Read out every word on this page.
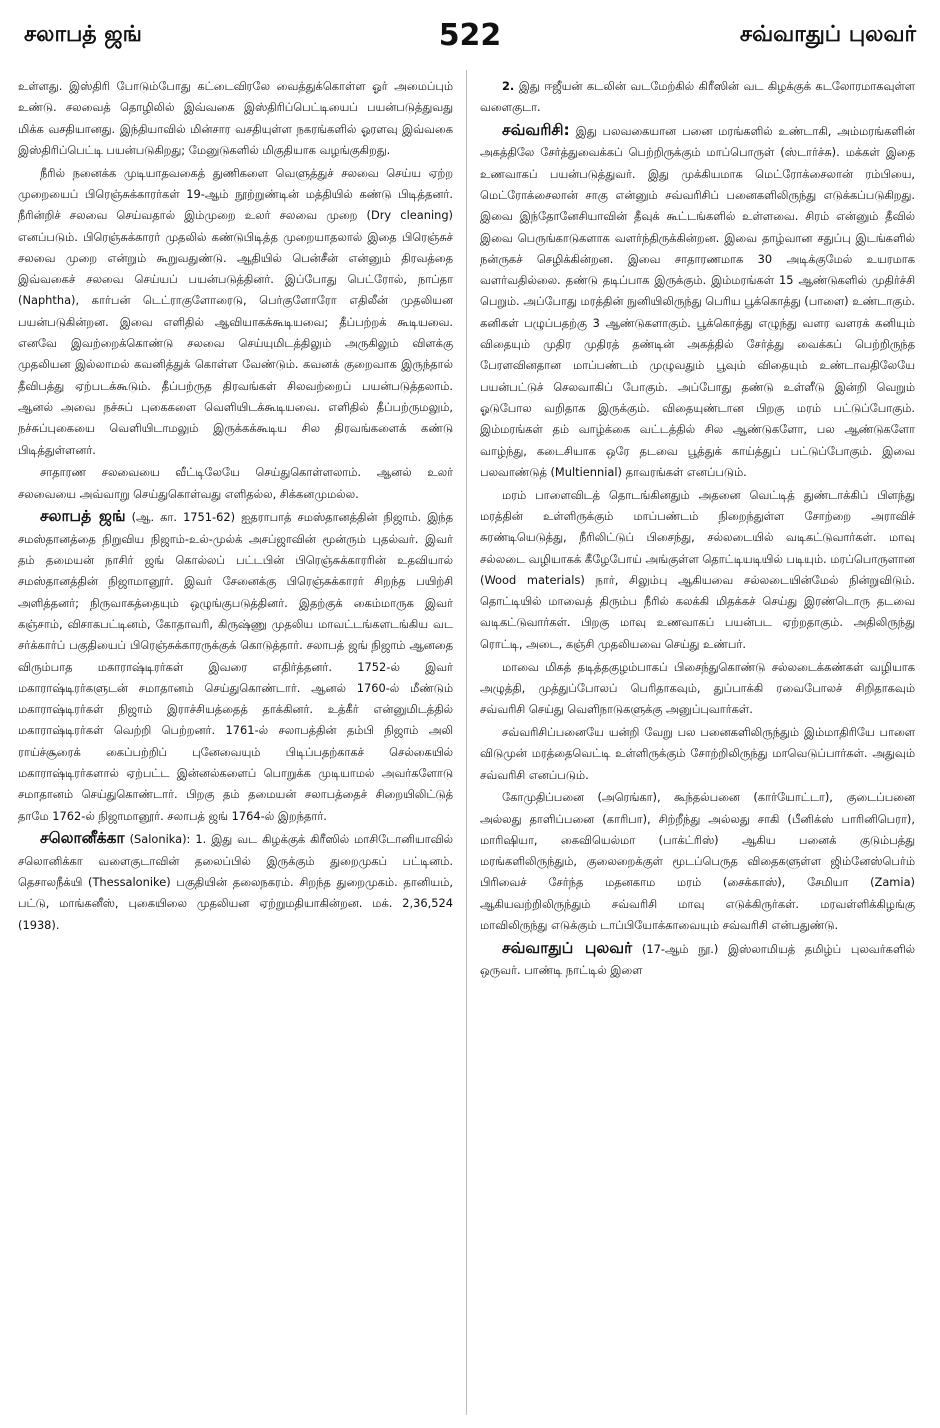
சலாபத் ஜங்	522	சவ்வாதுப் புலவர்

உள்ளது. இஸ்திரி போடும்போது கட்டைவிரலே வைத்துக்கொள்ள ஓர் அமைப்பும் உண்டு. சலவைத் தொழிலில் இவ்வகை இஸ்திரிப்பெட்டியைப் பயன்படுத்துவது மிக்க வசதியானது. இந்தியாவில் மின்சார வசதியுள்ள நகரங்களில் ஓரளவு இவ்வகை இஸ்திரிப்பெட்டி பயன்படுகிறது; மேனுடுகளில் மிகுதியாக வழங்குகிறது.

நீரில் நனைக்க முடியாதவகைத் துணிகளை வெளுத்துச் சலவை செய்ய ஏற்ற முறையைப் பிரெஞ்சுக்காரர்கள் 19-ஆம் நூற்றுண்டின் மத்தியில் கண்டு பிடித்தனர். நீரின்றிச் சலவை செய்வதால் இம்முறை உலர் சலவை முறை (Dry cleaning) எனப்படும். பிரெஞ்சுக்காரர் முதலில் கண்டுபிடித்த முறையாதலால் இதை பிரெஞ்சுச் சலவை முறை என்றும் கூறுவதுண்டு. ஆதியில் பென்சீன் என்னும் திரவத்தை இவ்வகைச் சலவை செய்யப் பயன்படுத்தினர். இப்போது பெட்ரோல், நாப்தா (Naphtha), கார்பன் டெட்ராகுளோரைடு, பெர்குளோரோ எதிலீன் முதலியன பயன்படுகின்றன. இவை எளிதில் ஆவியாகக்கூடியவை; தீப்பற்றக் கூடியவை. எனவே இவற்றைக்கொண்டு சலவை செய்யுமிடத்திலும் அருகிலும் விளக்கு முதலியன இல்லாமல் கவனித்துக் கொள்ள வேண்டும். கவனக் குறைவாக இருந்தால் தீவிபத்து ஏற்படக்கூடும். தீப்பற்ருத திரவங்கள் சிலவற்றைப் பயன்படுத்தலாம். ஆனல் அவை நச்சுப் புகைகளை வெளியிடக்கூடியவை. எளிதில் தீப்பற்ருமலும், நச்சுப்புகையை வெளியிடாமலும் இருக்கக்கூடிய சில திரவங்களைக் கண்டு பிடித்துள்ளனர்.

சாதாரண சலவையை வீட்டிலேயே செய்துகொள்ளலாம். ஆனல் உலர் சலவையை அவ்வாறு செய்துகொள்வது எளிதல்ல, சிக்கனமுமல்ல.

சலாபத் ஜங் (ஆ. கா. 1751-62) ஐதராபாத் சமஸ்தானத்தின் நிஜாம். இந்த சமஸ்தானத்தை நிறுவிய நிஜாம்-உல்-முல்க் அசப்ஜாவின் மூன்ரும் புதல்வர். இவர் தம் தமையன் நாசிர் ஜங் கொல்லப் பட்டபின் பிரெஞ்சுக்காரரின் உதவியால் சமஸ்தானத்தின் நிஜாமானூர். இவர் சேனைக்கு பிரெஞ்சுக்காரர் சிறந்த பயிற்சி அளித்தனர்; நிருவாகத்தையும் ஒழுங்குபடுத்தினர். இதற்குக் கைம்மாருக இவர் கஞ்சாம், விசாகபட்டினம், கோதாவரி, கிருஷ்ணு முதலிய மாவட்டங்களடங்கிய வட சர்க்கார்ப் பகுதியைப் பிரெஞ்சுக்காரருக்குக் கொடுத்தார். சலாபத் ஜங் நிஜாம் ஆனதை விரும்பாத மகாராஷ்டிரர்கள் இவரை எதிர்த்தனர். 1752-ல் இவர் மகாராஷ்டிரர்களுடன் சமாதானம் செய்துகொண்டார். ஆனல் 1760-ல் மீண்டும் மகாராஷ்டிரர்கள் நிஜாம் இராச்சியத்தைத் தாக்கினர். உத்கீர் என்னுமிடத்தில் மகாராஷ்டிரர்கள் வெற்றி பெற்றனர். 1761-ல் சலாபத்தின் தம்பி நிஜாம் அலி ராய்ச்சூரைக் கைப்பற்றிப் புனேவையும் பிடிப்பதற்காகச் செல்கையில் மகாராஷ்டிரர்களால் ஏற்பட்ட இன்னல்களைப் பொறுக்க முடியாமல் அவர்களோடு சமாதானம் செய்துகொண்டார். பிறகு தம் தமையன் சலாபத்தைச் சிறையிலிட்டுத் தாமே 1762-ல் நிஜாமானூர். சலாபத் ஜங் 1764-ல் இறந்தார்.

சலொனீக்கா (Salonika): 1. இது வட கிழக்குக் கிரீஸில் மாசிடோனியாவில் சலொனிக்கா வளைகுடாவின் தலைப்பில் இருக்கும் துறைமுகப் பட்டினம். தெசாலநீக்யி (Thessalonike) பகுதியின் தலைநகரம். சிறந்த துறைமுகம். தானியம், பட்டு, மாங்கனீஸ், புகையிலை முதலியன ஏற்றுமதியாகின்றன. மக். 2,36,524 (1938).

2. இது ஈஜீயன் கடலின் வடமேற்கில் கிரீஸின் வட கிழக்குக் கடலோரமாகவுள்ள வளைகுடா.

சவ்வரிசி: இது பலவகையான பனை மரங்களில் உண்டாகி, அம்மரங்களின் அகத்திலே சேர்த்துவைக்கப் பெற்றிருக்கும் மாப்பொருள் (ஸ்டார்ச்சு). மக்கள் இதை உணவாகப் பயன்படுத்துவர். இது முக்கியமாக மெட்ரோக்சைலான் ரம்பியை, மெட்ரோக்சைலான் சாகு என்னும் சவ்வரிசிப் பனைகளிலிருந்து எடுக்கப்படுகிறது. இவை இந்தோனேசியாவின் தீவுக் கூட்டங்களில் உள்ளவை. சிரம் என்னும் தீவில் இவை பெருங்காடுகளாக வளர்ந்திருக்கின்றன. இவை தாழ்வான சதுப்பு இடங்களில் நன்ருகச் செழிக்கின்றன. இவை சாதாரணமாக 30 அடிக்குமேல் உயரமாக வளர்வதில்லை. தண்டு தடிப்பாக இருக்கும். இம்மரங்கள் 15 ஆண்டுகளில் முதிர்ச்சி பெறும். அப்போது மரத்தின் நுனியிலிருந்து பெரிய பூக்கொத்து (பாளை) உண்டாகும். கனிகள் பழுப்பதற்கு 3 ஆண்டுகளாகும். பூக்கொத்து எழுந்து வளர வளரக் கனியும் விதையும் முதிர முதிரத் தண்டின் அகத்தில் சேர்த்து வைக்கப் பெற்றிருந்த பேரளவினதான மாப்பண்டம் முழுவதும் பூவும் விதையும் உண்டாவதிலேயே பயன்பட்டுச் செலவாகிப் போகும். அப்போது தண்டு உள்ளீடு இன்றி வெறும் ஓடுபோல வறிதாக இருக்கும். விதையுண்டான பிறகு மரம் பட்டுப்போகும். இம்மரங்கள் தம் வாழ்க்கை வட்டத்தில் சில ஆண்டுகளோ, பல ஆண்டுகளோ வாழ்ந்து, கடைசியாக ஒரே தடவை பூத்துக் காய்த்துப் பட்டுப்போகும். இவை பலவாண்டுத் (Multiennial) தாவரங்கள் எனப்படும்.

மரம் பாளைவிடத் தொடங்கினதும் அதனை வெட்டித் துண்டாக்கிப் பிளந்து மரத்தின் உள்ளிருக்கும் மாப்பண்டம் நிறைந்துள்ள சோற்றை அராவிச் சுரண்டியெடுத்து, நீரிலிட்டுப் பிசைந்து, சல்லடையில் வடிகட்டுவார்கள். மாவு சல்லடை வழியாகக் கீழேபோய் அங்குள்ள தொட்டியடியில் படியும். மரப்பொருளான (Wood materials) நார், சிலும்பு ஆகியவை சல்லடையின்மேல் நின்றுவிடும். தொட்டியில் மாவைத் திரும்ப நீரில் கலக்கி மிதக்கச் செய்து இரண்டொரு தடவை வடிகட்டுவார்கள். பிறகு மாவு உணவாகப் பயன்பட ஏற்றதாகும். அதிலிருந்து ரொட்டி, அடை, கஞ்சி முதலியவை செய்து உண்பர்.

மாவை மிகத் தடித்தகுழம்பாகப் பிசைந்துகொண்டு சல்லடைக்கண்கள் வழியாக அழுத்தி, முத்துப்போலப் பெரிதாகவும், துப்பாக்கி ரவைபோலச் சிறிதாகவும் சவ்வரிசி செய்து வெளிநாடுகளுக்கு அனுப்புவார்கள்.

சவ்வரிசிப்பனையே யன்றி வேறு பல பனைகளிலிருந்தும் இம்மாதிரியே பாளை விடுமுன் மரத்தைவெட்டி உள்ளிருக்கும் சோற்றிலிருந்து மாவெடுப்பார்கள். அதுவும் சவ்வரிசி எனப்படும்.

கோமுதிப்பனை (அரெங்கா), கூந்தல்பனை (கார்யோட்டா), குடைப்பனை அல்லது தாளிப்பனை (காரிபா), சிற்றீந்து அல்லது சாகி (பீனிக்ஸ் பாரினிபெரா), மாரிஷியா, கைவியெல்மா (பாக்ட்ரிஸ்) ஆகிய பனைக் குடும்பத்து மரங்களிலிருந்தும், குலைறைக்குள் மூடப்பெருத விதைகளுள்ள ஜிம்னேஸ்பெர்ம் பிரிவைச் சேர்ந்த மதனகாம மரம் (சைக்காஸ்), சேமியா (Zamia) ஆகியவற்றிலிருந்தும் சவ்வரிசி மாவு எடுக்கிருர்கள். மரவள்ளிக்கிழங்கு மாவிலிருந்து எடுக்கும் டாப்பியோக்காவையும் சவ்வரிசி என்பதுண்டு.

சவ்வாதுப் புலவர் (17-ஆம் நூ.) இஸ்லாமியத் தமிழ்ப் புலவர்களில் ஒருவர். பாண்டி நாட்டில் இளை
